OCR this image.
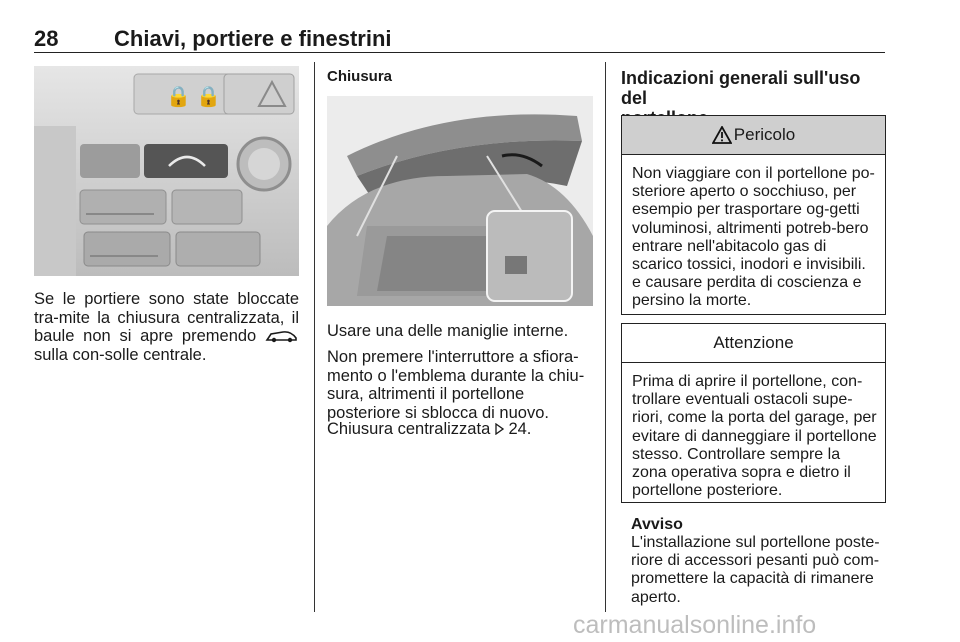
28	Chiavi, portiere e finestrini
🔒 🔒
Se le portiere sono state bloccate tra-mite la chiusura centralizzata, il baule non si apre premendo  sulla con-solle centrale.
Chiusura
Usare una delle maniglie interne.
Non premere l'interruttore a sfiora-mento o l'emblema durante la chiu-sura, altrimenti il portellone posteriore si sblocca di nuovo.
Chiusura centralizzata 24.
Indicazioni generali sull'uso del
Pericolo
Non viaggiare con il portellone po-steriore aperto o socchiuso, per esempio per trasportare og-getti voluminosi, altrimenti potreb-bero entrare nell'abitacolo gas di scarico tossici, inodori e invisibili. e causare perdita di coscienza e persino la morte.
Attenzione
Prima di aprire il portellone, con-trollare eventuali ostacoli supe-riori, come la porta del garage, per evitare di danneggiare il portellone stesso. Controllare sempre la zona operativa sopra e dietro il portellone posteriore.
Avviso
L'installazione sul portellone poste-riore di accessori pesanti può com-promettere la capacità di rimanere aperto.
carmanualsonline.info
